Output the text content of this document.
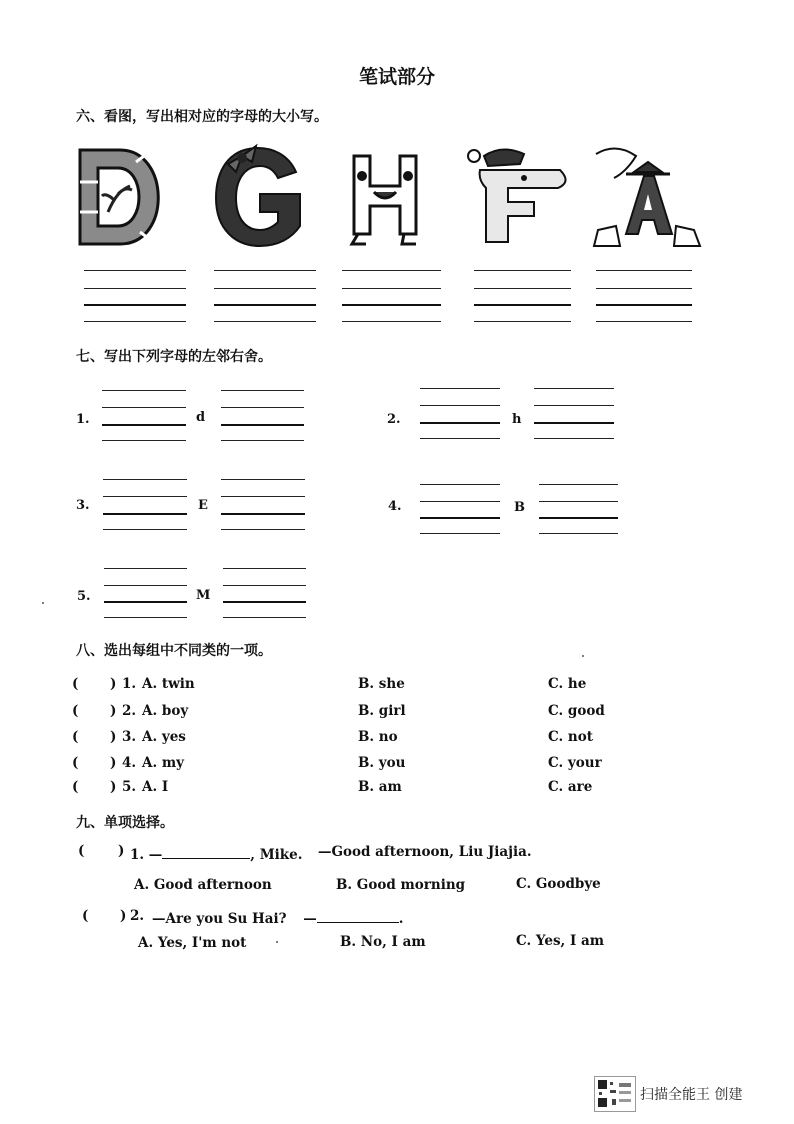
笔试部分
六、看图，写出相对应的字母的大小写。
七、写出下列字母的左邻右舍。
1.	d	2.	h
3.	E	4.	B
5.	M
八、选出每组中不同类的一项。
( ) 1. A. twin	B. she	C. he
( ) 2. A. boy	B. girl	C. good
( ) 3. A. yes	B. no	C. not
( ) 4. A. my	B. you	C. your
( ) 5. A. I	B. am	C. are
九、单项选择。
( ) 1. —	, Mike. —Good afternoon, Liu Jiajia.
A. Good afternoon	B. Good morning	C. Goodbye
( ) 2. —Are you Su Hai? —	.
A. Yes, I'm not	B. No, I am	C. Yes, I am
扫描全能王 创建
